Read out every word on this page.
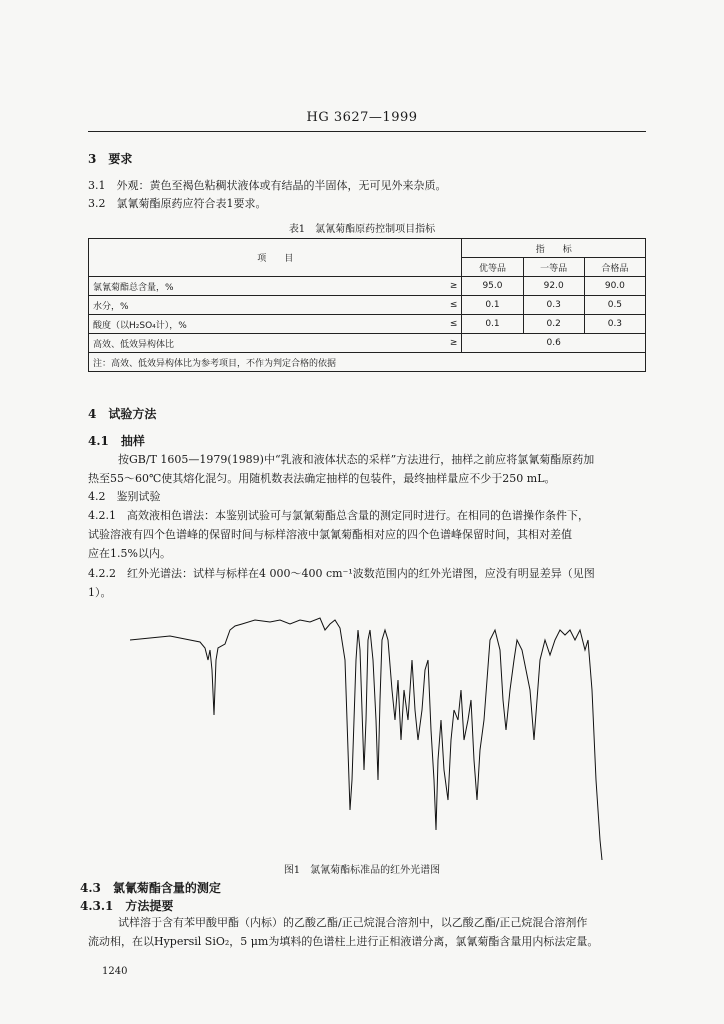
HG 3627—1999
3　要求
3.1　外观：黄色至褐色粘稠状液体或有结晶的半固体，无可见外来杂质。
3.2　氯氰菊酯原药应符合表1要求。
表1　氯氰菊酯原药控制项目指标
项　　目		指　　标		
		优等品	一等品	合格品
氯氰菊酯总含量，%	≥	95.0	92.0	90.0
水分，%	≤	0.1	0.3	0.5
酸度（以H₂SO₄计），%	≤	0.1	0.2	0.3
高效、低效异构体比	≥	0.6		
注：高效、低效异构体比为参考项目，不作为判定合格的依据				
4　试验方法
4.1　抽样
按GB/T 1605—1979(1989)中“乳液和液体状态的采样”方法进行，抽样之前应将氯氰菊酯原药加
热至55～60℃使其熔化混匀。用随机数表法确定抽样的包装件，最终抽样量应不少于250 mL。
4.2　鉴别试验
4.2.1　高效液相色谱法：本鉴别试验可与氯氰菊酯总含量的测定同时进行。在相同的色谱操作条件下，
试验溶液有四个色谱峰的保留时间与标样溶液中氯氰菊酯相对应的四个色谱峰保留时间，其相对差值
应在1.5%以内。
4.2.2　红外光谱法：试样与标样在4 000～400 cm⁻¹波数范围内的红外光谱图，应没有明显差异（见图
1）。
图1　氯氰菊酯标准品的红外光谱图
4.3　氯氰菊酯含量的测定
4.3.1　方法提要
试样溶于含有苯甲酸甲酯（内标）的乙酸乙酯/正己烷混合溶剂中，以乙酸乙酯/正己烷混合溶剂作
流动相，在以Hypersil SiO₂，5 μm为填料的色谱柱上进行正相液谱分离，氯氰菊酯含量用内标法定量。
1240
